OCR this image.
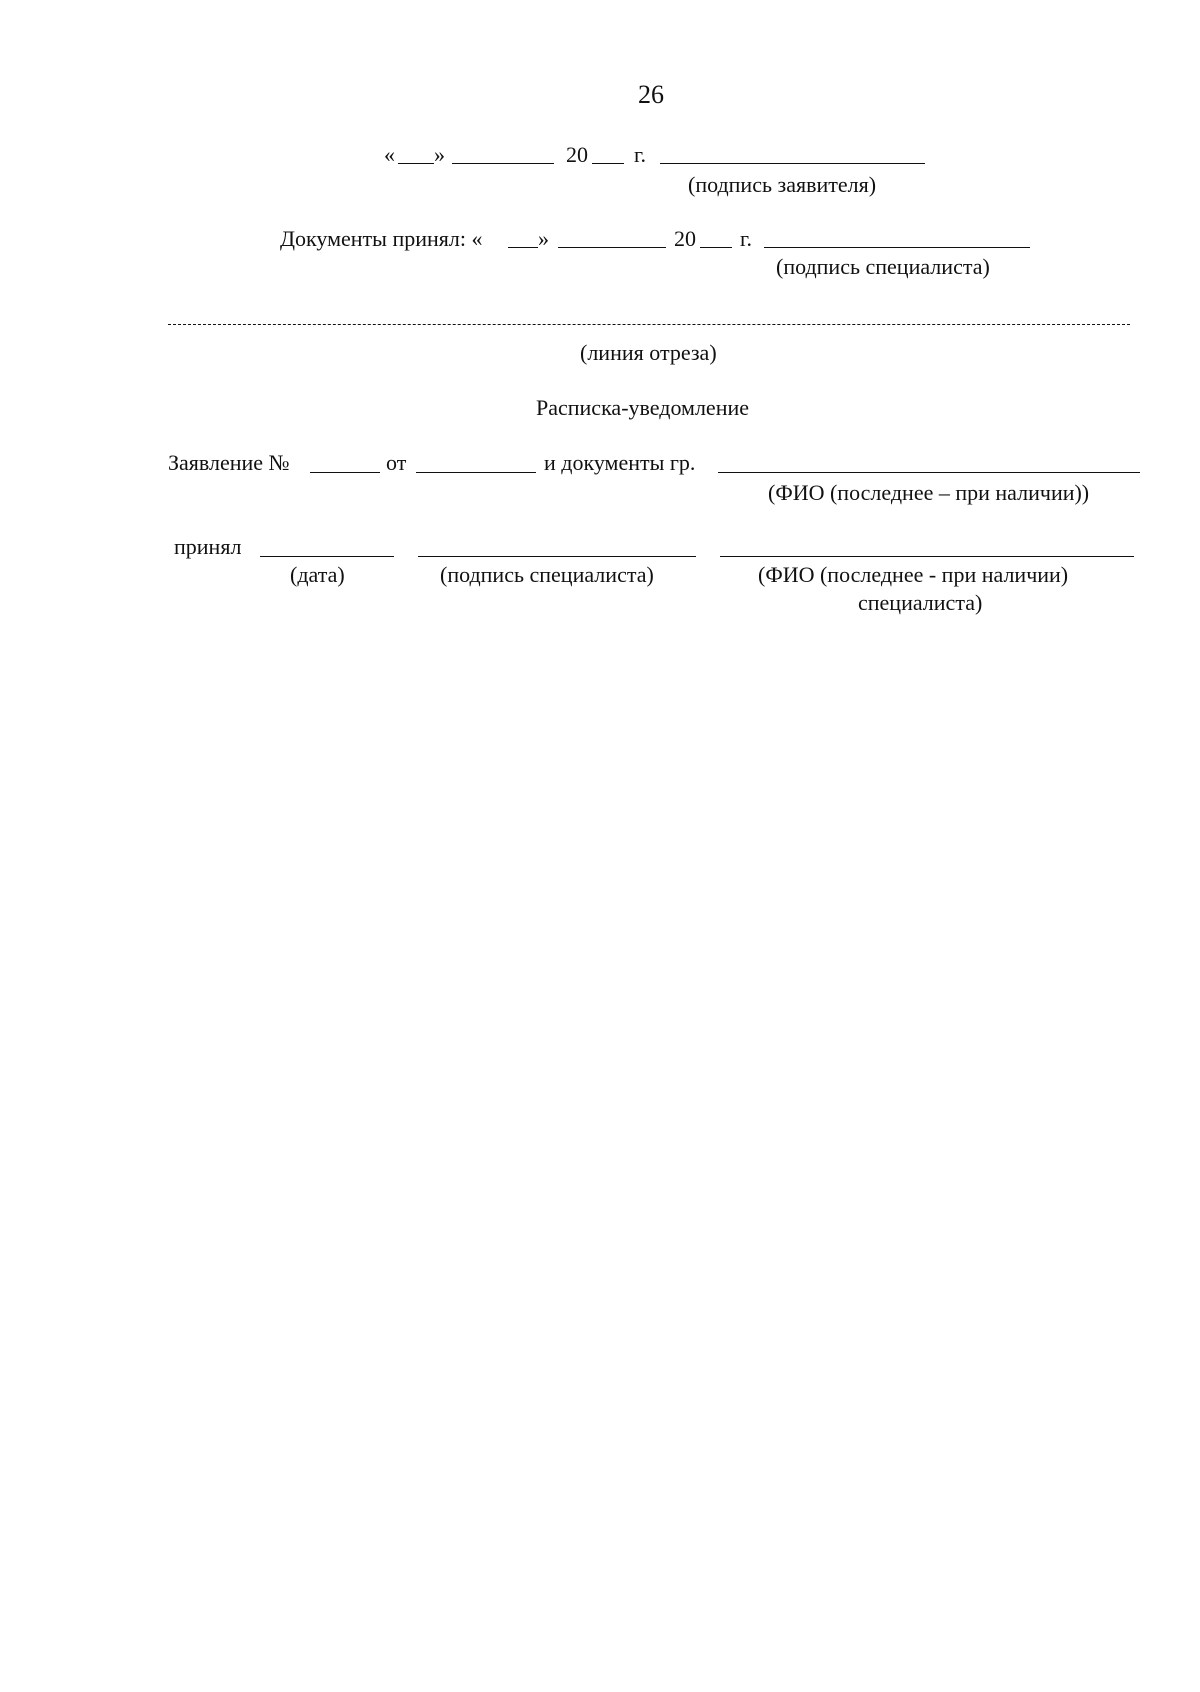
26
« »	20 г.
(подпись заявителя)
Документы принял: «	»	20 г.
(подпись специалиста)
(линия отреза)
Расписка-уведомление
Заявление №	от	и документы гр.
(ФИО (последнее – при наличии))
принял
(дата)	(подпись специалиста)	(ФИО (последнее - при наличии)
специалиста)
